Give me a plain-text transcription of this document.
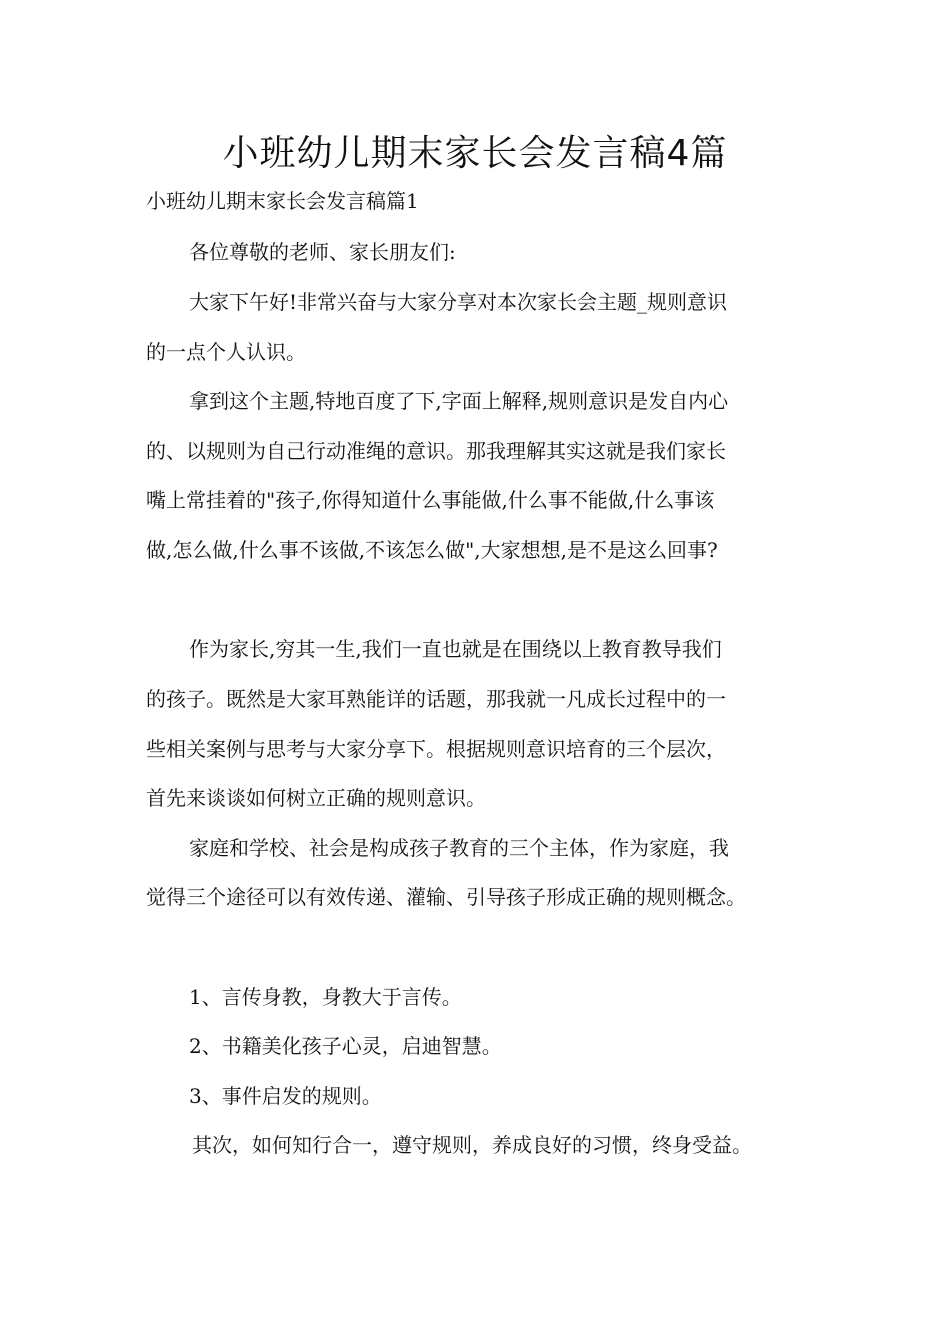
小班幼儿期末家长会发言稿4篇
小班幼儿期末家长会发言稿篇1
各位尊敬的老师、家长朋友们:
大家下午好!非常兴奋与大家分享对本次家长会主题_规则意识
的一点个人认识。
拿到这个主题,特地百度了下,字面上解释,规则意识是发自内心
的、以规则为自己行动准绳的意识。那我理解其实这就是我们家长
嘴上常挂着的"孩子,你得知道什么事能做,什么事不能做,什么事该
做,怎么做,什么事不该做,不该怎么做",大家想想,是不是这么回事?
作为家长,穷其一生,我们一直也就是在围绕以上教育教导我们
的孩子。既然是大家耳熟能详的话题，那我就一凡成长过程中的一
些相关案例与思考与大家分享下。根据规则意识培育的三个层次，
首先来谈谈如何树立正确的规则意识。
家庭和学校、社会是构成孩子教育的三个主体，作为家庭，我
觉得三个途径可以有效传递、灌输、引导孩子形成正确的规则概念。
1、言传身教，身教大于言传。
2、书籍美化孩子心灵，启迪智慧。
3、事件启发的规则。
其次，如何知行合一，遵守规则，养成良好的习惯，终身受益。
